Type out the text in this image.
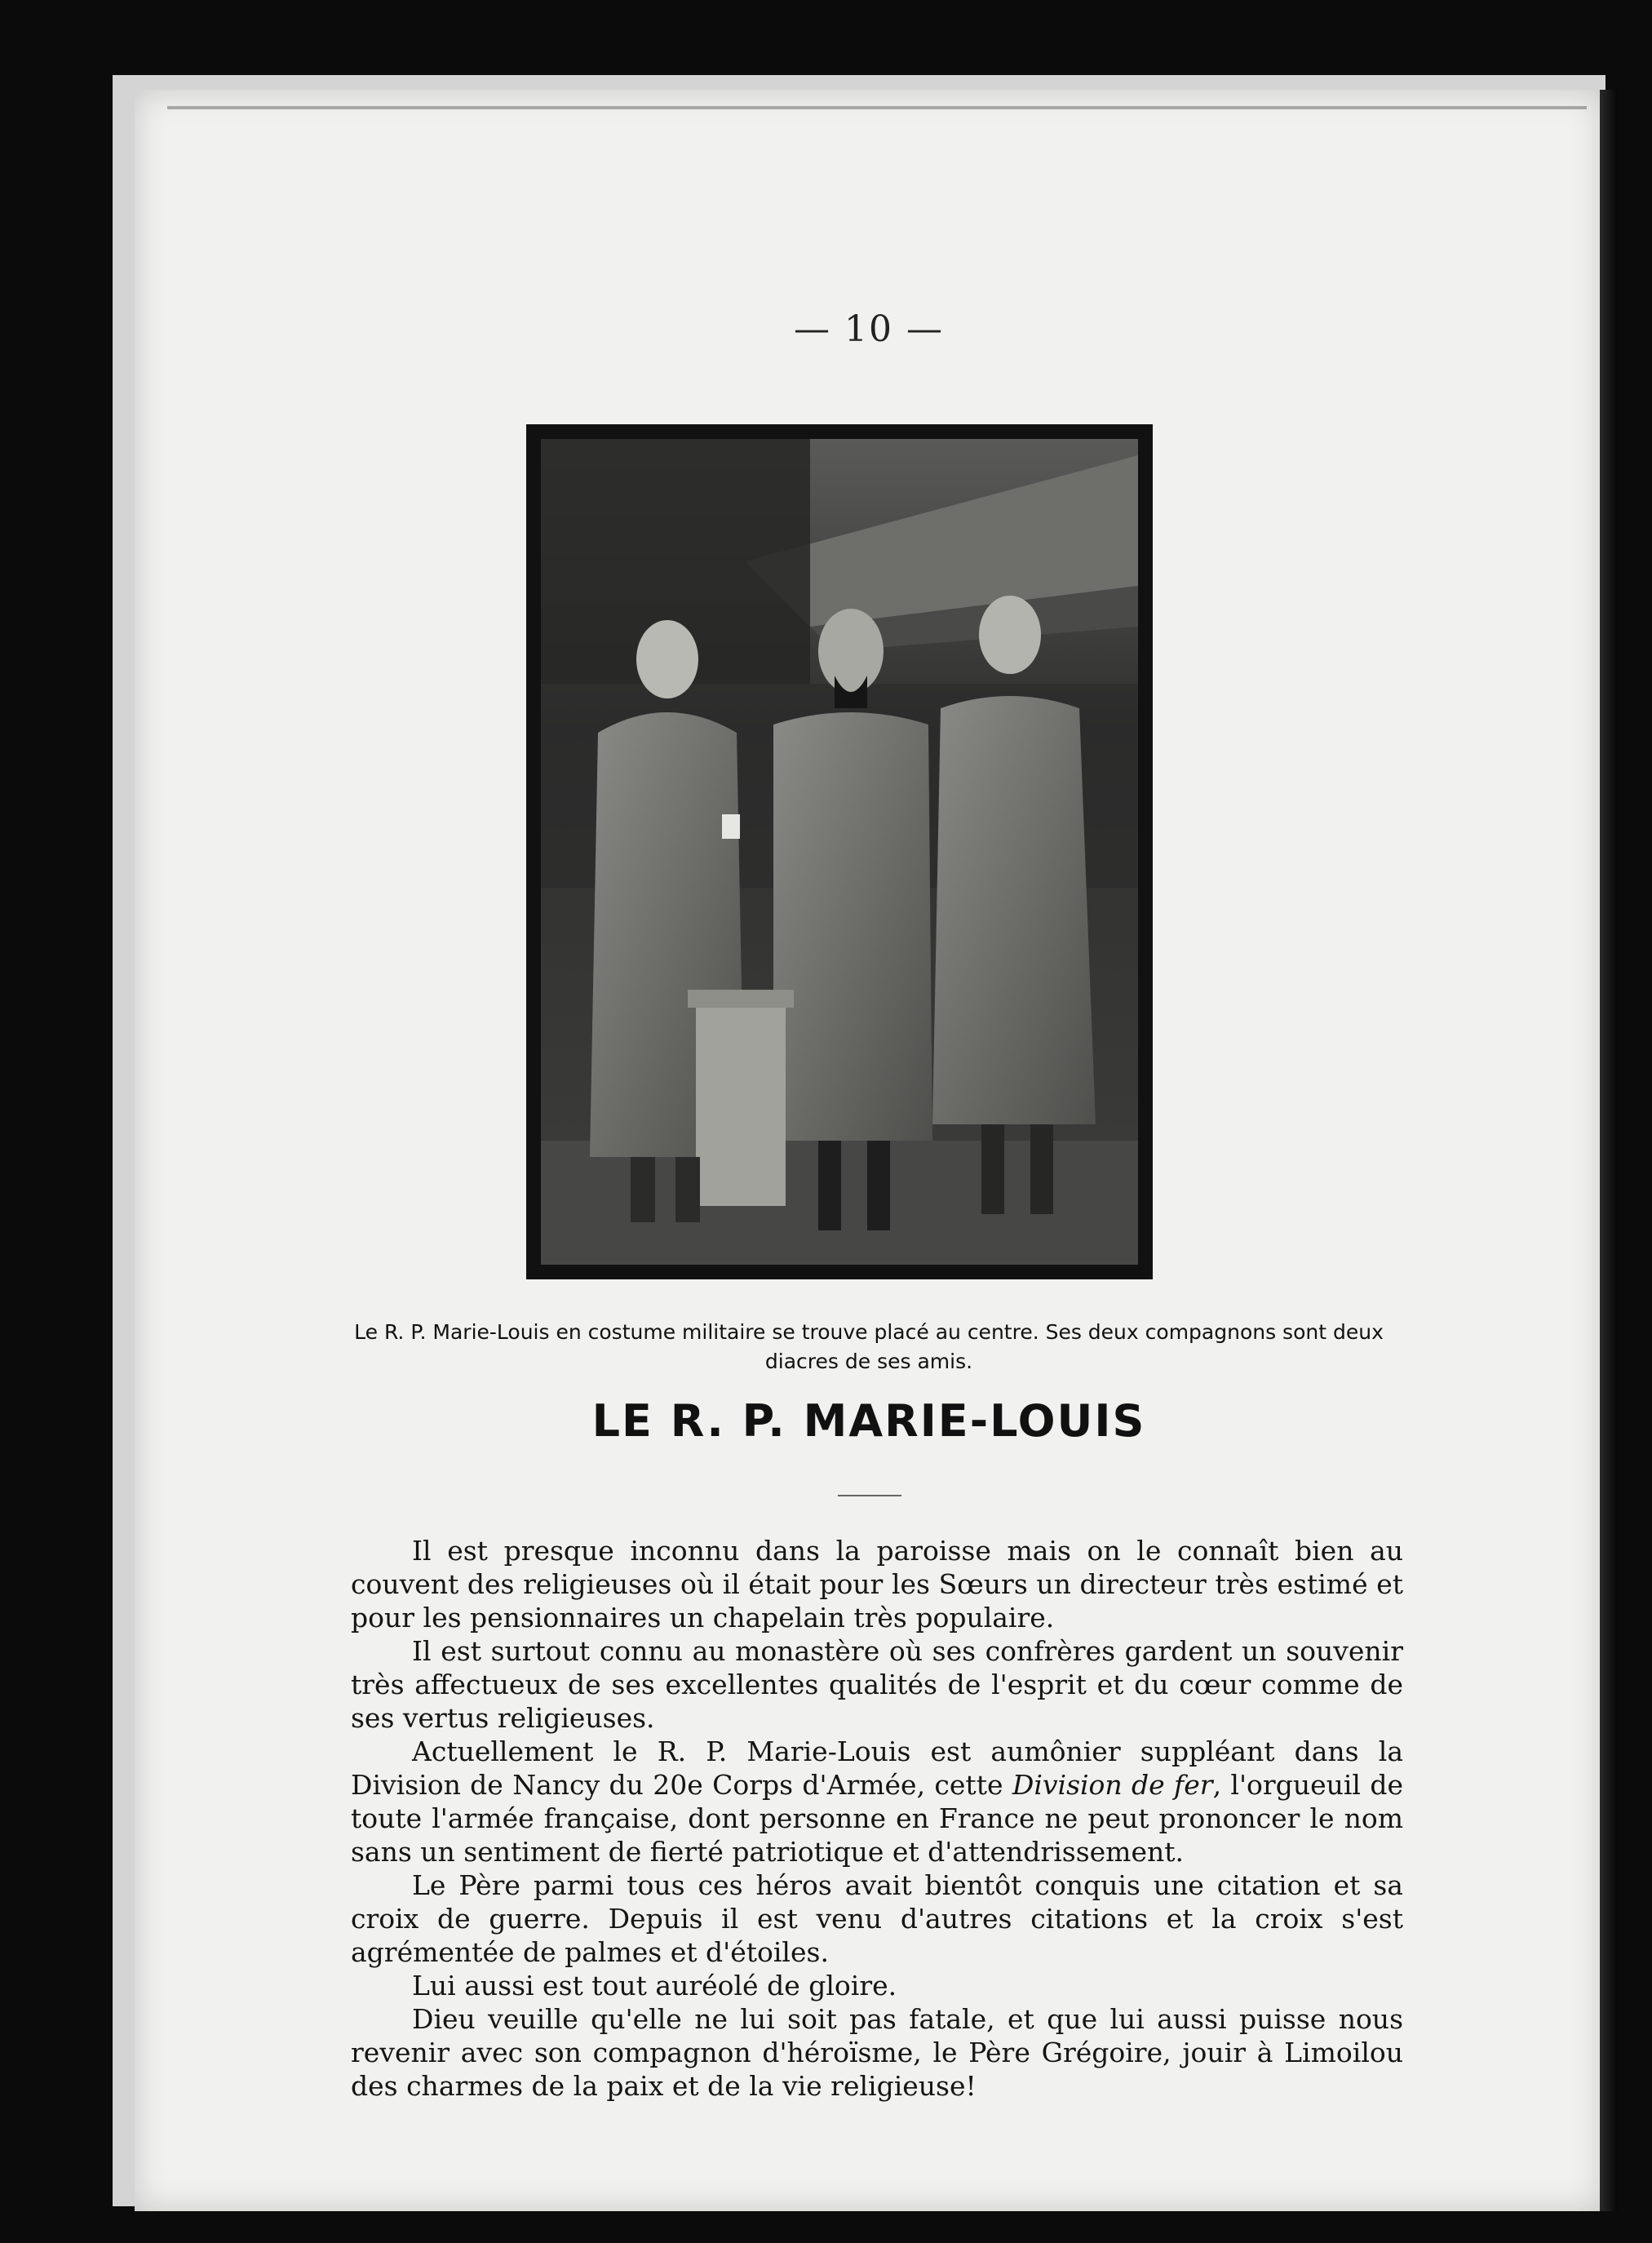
— 10 —
Le R. P. Marie-Louis en costume militaire se trouve placé au centre. Ses deux compagnons sont deux diacres de ses amis.
LE R. P. MARIE-LOUIS

Il est presque inconnu dans la paroisse mais on le connaît bien au couvent des religieuses où il était pour les Sœurs un directeur très estimé et pour les pensionnaires un chapelain très populaire.

Il est surtout connu au monastère où ses confrères gardent un souvenir très affectueux de ses excellentes qualités de l'esprit et du cœur comme de ses vertus religieuses.

Actuellement le R. P. Marie-Louis est aumônier suppléant dans la Division de Nancy du 20e Corps d'Armée, cette Division de fer, l'orgueuil de toute l'armée française, dont personne en France ne peut prononcer le nom sans un sentiment de fierté patriotique et d'attendrissement.

Le Père parmi tous ces héros avait bientôt conquis une citation et sa croix de guerre. Depuis il est venu d'autres citations et la croix s'est agrémentée de palmes et d'étoiles.

Lui aussi est tout auréolé de gloire.

Dieu veuille qu'elle ne lui soit pas fatale, et que lui aussi puisse nous revenir avec son compagnon d'héroïsme, le Père Grégoire, jouir à Limoilou des charmes de la paix et de la vie religieuse!
